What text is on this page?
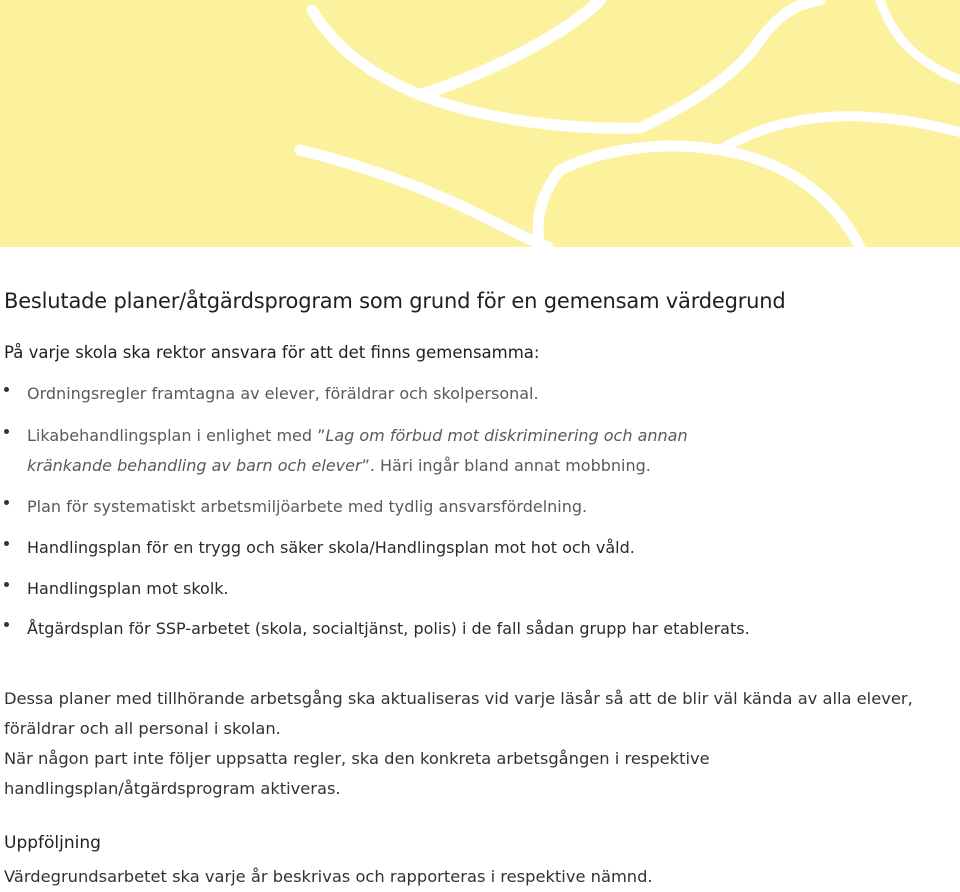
Beslutade planer/åtgärdsprogram som grund för en gemensam värdegrund
På varje skola ska rektor ansvara för att det finns gemensamma:
Ordningsregler framtagna av elever, föräldrar och skolpersonal.
Likabehandlingsplan i enlighet med ”Lag om förbud mot diskriminering och annan
kränkande behandling av barn och elever”. Häri ingår bland annat mobbning.
Plan för systematiskt arbetsmiljöarbete med tydlig ansvarsfördelning.
Handlingsplan för en trygg och säker skola/Handlingsplan mot hot och våld.
Handlingsplan mot skolk.
Åtgärdsplan för SSP-arbetet (skola, socialtjänst, polis) i de fall sådan grupp har etablerats.
Dessa planer med tillhörande arbetsgång ska aktualiseras vid varje läsår så att de blir väl kända av alla elever,
föräldrar och all personal i skolan.
När någon part inte följer uppsatta regler, ska den konkreta arbetsgången i respektive
handlingsplan/åtgärdsprogram aktiveras.
Uppföljning
Värdegrundsarbetet ska varje år beskrivas och rapporteras i respektive nämnd.
